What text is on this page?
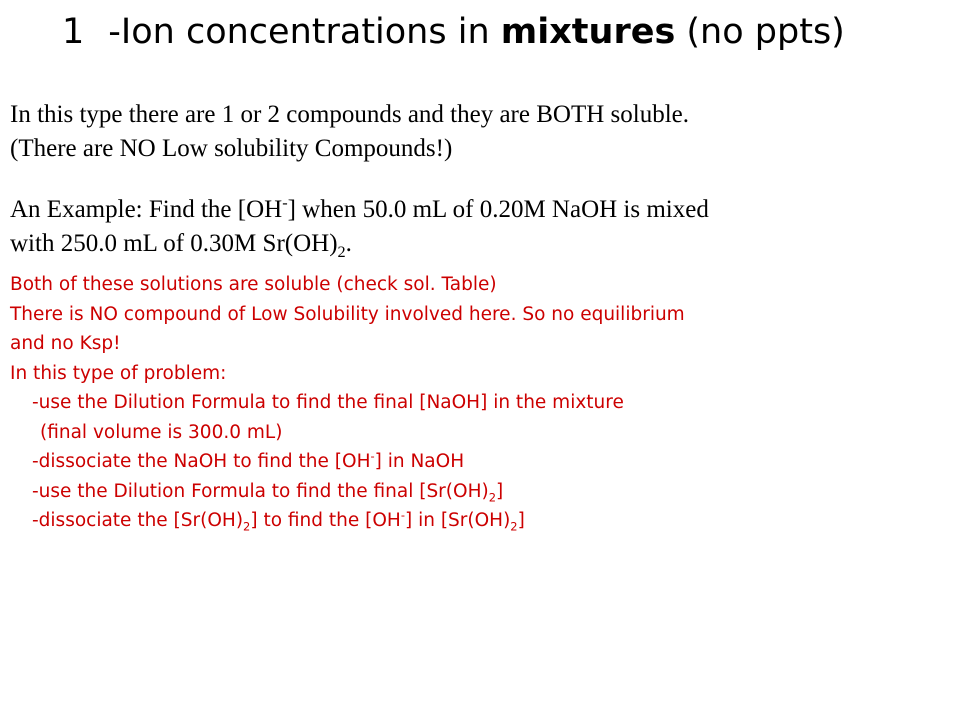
1 -Ion concentrations in mixtures (no ppts)
In this type there are 1 or 2 compounds and they are BOTH soluble.
(There are NO Low solubility Compounds!)
An Example: Find the [OH-] when 50.0 mL of 0.20M NaOH is mixed
with 250.0 mL of 0.30M $Sr(OH)_2$.
Both of these solutions are soluble (check sol. Table)
There is NO compound of Low Solubility involved here. So no equilibrium
and no Ksp!
In this type of problem:
-use the Dilution Formula to find the final [NaOH] in the mixture
(final volume is 300.0 mL)
-dissociate the NaOH to find the [OH-] in NaOH
-use the Dilution Formula to find the final $[Sr(OH)_2]$
-dissociate the $[Sr(OH)_2]$ to find the [OH-] in $[Sr(OH)_2]$
